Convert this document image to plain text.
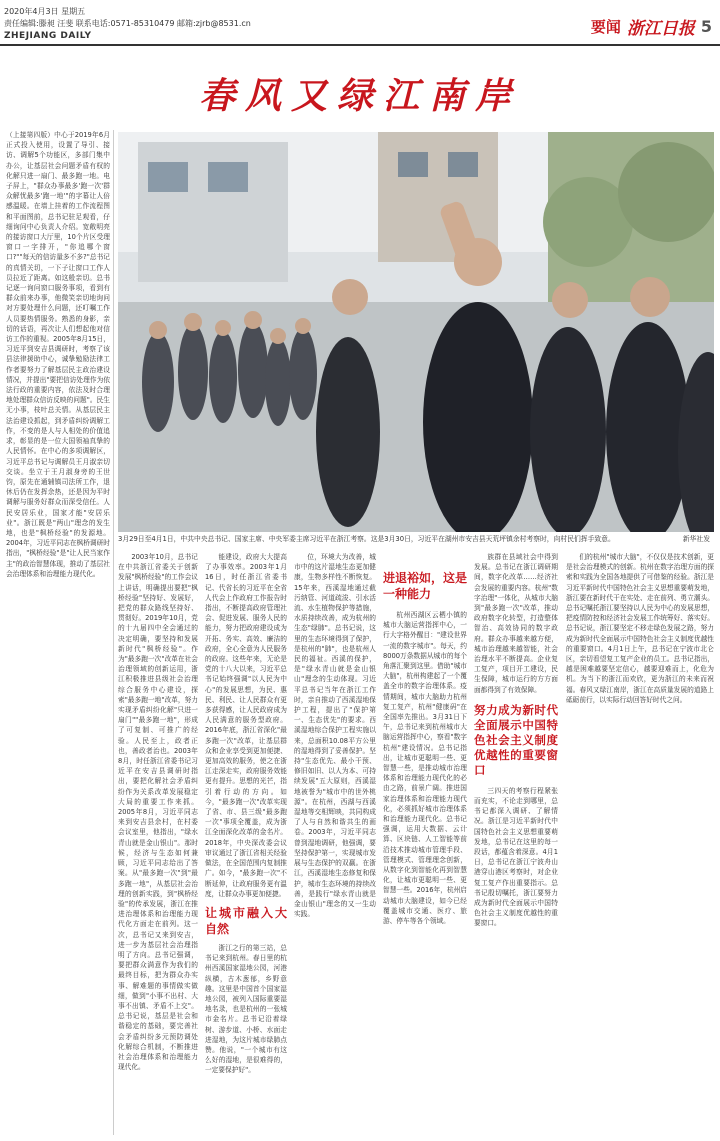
2020年4月3日 星期五
责任编辑:滕昶 汪斐 联系电话:0571-85310479 邮箱:zjrb@8531.cn
ZHEJIANG DAILY	要闻 浙江日报 5
春风又绿江南岸
3月29日至4月1日，中共中央总书记、国家主席、中央军委主席习近平在浙江考察。这是3月30日，习近平在湖州市安吉县天荒坪镇余村考察时，向村民们挥手致意。	新华社发

（上接第四版）中心于2019年6月正式投入使用，设置了导引、接访、调解5个功能区，多部门集中办公，让基层社会问题矛盾有权的化解只进一扇门、最多跑一地。电子屏上，"群众办事最多'跑一次'群众解忧最多'跑一地'"的字幕让人倍感温暖。在墙上挂着的工作流程图和平面图前，总书记驻足观看，仔细询问中心负责人介绍。宽敞明亮的接访窗口大厅里，10个片区受理窗口一字排开，"你追哪个窗口?""每天的信访量多不多?"总书记的真情关切，一下子让窗口工作人员拉近了距离。如这般亲切。总书记逐一询问窗口服务事项，看到有群众前来办事，他微笑亲切地询问对方要处理什么问题，还叮嘱工作人员要热情服务。熟悉的身影，亲切的话语，再次让人们想起他对信访工作的重视。2005年8月15日，习近平到安吉县调研时，考察了该县法律援助中心，诚挚勉励法律工作者要努力了解基层民主政治建设情况，并提出"要把信访处理作为依法行政的重要内容，依法及时合理地处理群众信访反映的问题"。民生无小事，枝叶总关情。从基层民主法治建设抓起，到矛盾纠纷调解工作，不变的是人与人相处的价值追求，彰显的是一位大国领袖真挚的人民情怀。在中心的多项调解区，习近平总书记与调解员王月淑亲切交谈。坐立于王月淑身旁的王世钧，原先在通辅镇司法所工作，退休后仍在发挥余热，还是因为平时调解与服务好群众而深受信任。人民安居乐业，国家才能"安居乐业"。浙江既是"两山"理念的发生地，也是"枫桥经验"的发源地。2004年，习近平同志在枫桥调研时指出，"枫桥经验"是"让人民当家作主"的政治智慧体现，推动了基层社会治理体系和治理能力现代化。

2003年10月，总书记在中共浙江省委关于创新发展"枫桥经验"的工作会议上讲话，明确提出要把"枫桥经验"坚持好、发展好，把党的群众路线坚持好、贯彻好。2019年10月，党的十九届四中全会通过的决定明确，要坚持和发展新时代"枫桥经验"。作为"最多跑一次"改革在社会治理领域的创新运用，浙江积极推进县级社会治理综合服务中心建设，探索"最多跑一地"改革，努力实现矛盾纠纷化解"只进一扇门""最多跑一地"，形成了可复制、可推广的经验。人民至上，政者正也，善政者治也。2003年8月，时任浙江省委书记习近平在安吉县调研时指出，要把化解社会矛盾纠纷作为关系改革发展稳定大局的重要工作来抓。2005年8月，习近平同志来到安吉县余村，在村委会议室里，他指出，"绿水青山就是金山银山"。那时候，经济与生态如何兼顾，习近平同志给出了答案。从"最多跑一次"到"最多跑一地"，从基层社会治理的创新实践，到"枫桥经验"的传承发展，浙江在推进治理体系和治理能力现代化方面走在前列。这一次，总书记又来到安吉，进一步为基层社会治理指明了方向。总书记强调，要把群众满意作为我们的最终目标，把为群众办实事、解难题的事情做实做细，做到"小事不出村、大事不出镇、矛盾不上交"。总书记说，基层是社会和谐稳定的基础，要完善社会矛盾纠纷多元预防调处化解综合机制，不断推进社会治理体系和治理能力现代化。

能建设，政府大大提高了办事效率。2003年1月16日，时任浙江省委书记、代省长的习近平在全省人代会上作政府工作报告时指出，不断提高政府管理社会、促进发展、服务人民的能力，努力把政府建设成为开拓、务实、高效、廉洁的政府，全心全意为人民服务的政府。这些年来，无论是党的十八大以来，习近平总书记始终强调"以人民为中心"的发展思想，为民、惠民、利民、让人民群众有更多获得感，让人民政府成为人民满意的服务型政府。2016年底，浙江省深化"最多跑一次"改革，让基层群众和企业享受到更加便捷、更加高效的服务，使之在浙江走深走实，政府服务效能更有提升。思想的光芒，指引着行动的方向。如今，"最多跑一次"改革实现了省、市、县三级"最多跑一次"事项全覆盖，成为浙江全面深化改革的金名片。2018年，中央深改委会议审议通过了浙江省相关经验做法，在全国范围内复制推广。如今，"最多跑一次"不断延伸，让政府服务更有温度，让群众办事更加便捷。

让城市融入大自然

浙江之行的第三站，总书记来到杭州。春日里的杭州西溪国家湿地公园，河港纵横，古木葱郁，乡野意趣。这里是中国首个国家湿地公园，被列入国际重要湿地名录，也是杭州的一张城市金名片。总书记沿着绿树、游步道、小桥、水面走进湿地，为这片城市绿肺点赞。他说，"一个城市有这么好的湿地，是很难得的，一定要保护好"。

位，环境大为改善，城市中的这片湿地生态更加健康，生物多样性不断恢复。15年来，西溪湿地通过截污纳管、河道疏浚、引水活流、水生植物保护等措施，水质持续改善，成为杭州的生态"绿肺"。总书记说，这里的生态环境得到了保护，是杭州的"肺"，也是杭州人民的福祉。西溪的保护，是"绿水青山就是金山银山"理念的生动体现。习近平总书记当年在浙江工作时，亲自推动了西溪湿地保护工程，提出了"保护第一、生态优先"的要求。西溪湿地综合保护工程实施以来，总面积10.08平方公里的湿地得到了妥善保护。坚持"生态优先、最小干预、修旧如旧、以人为本、可持续发展"五大原则，西溪湿地被誉为"城市中的世外桃源"。在杭州，西湖与西溪湿地等交相辉映，共同构成了人与自然和谐共生的画卷。2003年，习近平同志曾到湿地调研，他强调，要坚持保护第一，实现城市发展与生态保护的双赢。在浙江，西溪湿地生态修复和保护，城市生态环境的持续改善，是践行"绿水青山就是金山银山"理念的又一生动实践。

进退裕如，这是一种能力

杭州西湖区云栖小镇的城市大脑运营指挥中心，一行大字格外醒目："建设世界一流的数字城市"。每天，约8000万条数据从城市的每个角落汇聚到这里。借助"城市大脑"，杭州构建起了一个覆盖全市的数字治理体系。疫情期间，城市大脑助力杭州复工复产，杭州"健康码"在全国率先推出。3月31日下午，总书记来到杭州城市大脑运营指挥中心，察看"数字杭州"建设情况。总书记指出，让城市更聪明一些、更智慧一些，是推动城市治理体系和治理能力现代化的必由之路，前景广阔。推进国家治理体系和治理能力现代化，必须抓好城市治理体系和治理能力现代化。总书记强调，运用大数据、云计算、区块链、人工智能等前沿技术推动城市管理手段、管理模式、管理理念创新，从数字化到智能化再到智慧化，让城市更聪明一些、更智慧一些。2016年，杭州启动城市大脑建设，如今已经覆盖城市交通、医疗、旅游、停车等各个领域。

族群在县域社会中得到发展。总书记在浙江调研期间，数字化改革……经济社会发展的重要内容。杭州"数字治理"一体化，从城市大脑到"最多跑一次"改革，推动政府数字化转型，打造整体智治、高效协同的数字政府。群众办事越来越方便，城市治理越来越智能，社会治理水平不断提高。企业复工复产，项目开工建设，民生保障，城市运行的方方面面都得到了有效保障。

努力成为新时代全面展示中国特色社会主义制度优越性的重要窗口

三四天的考察行程紧张而充实，不论走到哪里，总书记都深入调研、了解情况。浙江是习近平新时代中国特色社会主义思想重要萌发地，总书记在这里的每一段话，都蕴含着深意。4月1日，总书记在浙江宁波舟山港穿山港区考察时，对企业复工复产作出重要指示。总书记殷切嘱托，浙江要努力成为新时代全面展示中国特色社会主义制度优越性的重要窗口。

们的杭州"城市大脑"，不仅仅是技术创新，更是社会治理模式的创新。杭州在数字治理方面的探索和实践为全国各地提供了可借鉴的经验。浙江是习近平新时代中国特色社会主义思想重要萌发地，浙江要在新时代干在实处、走在前列、勇立潮头。总书记嘱托浙江要坚持以人民为中心的发展思想，把疫情防控和经济社会发展工作统筹好、落实好。总书记说，浙江要坚定不移走绿色发展之路，努力成为新时代全面展示中国特色社会主义制度优越性的重要窗口。4月1日上午，总书记在宁波市北仑区，亲切看望复工复产企业的员工。总书记指出，越是困难越要坚定信心，越要迎难而上，化危为机。为当下的浙江而欢欣，更为浙江的未来而祝福。春风又绿江南岸，浙江在高质量发展的道路上砥砺前行，以实际行动回答好时代之问。
